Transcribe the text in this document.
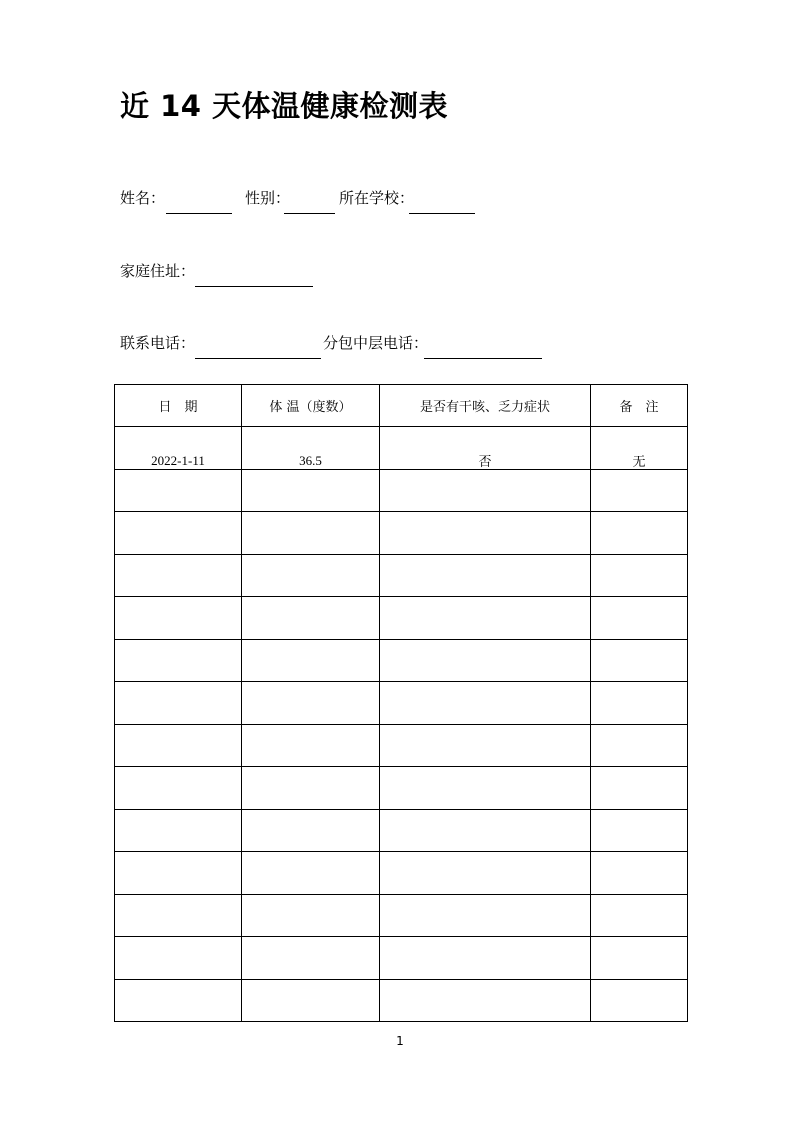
近 14 天体温健康检测表
姓名：	性别：	所在学校：
家庭住址：
联系电话：	分包中层电话：
日　期	体 温（度数）	是否有干咳、乏力症状	备　注
2022-1-11	36.5	否	无

1
